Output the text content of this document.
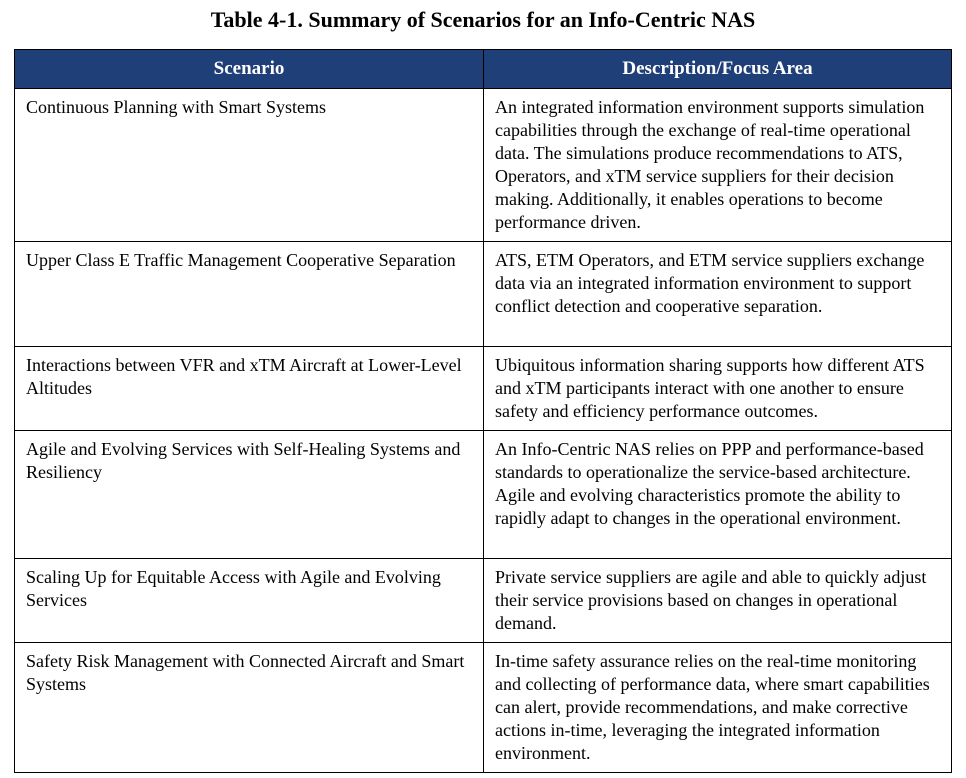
Table 4-1. Summary of Scenarios for an Info-Centric NAS
Scenario	Description/Focus Area
Continuous Planning with Smart Systems	An integrated information environment supports simulation capabilities through the exchange of real-time operational data. The simulations produce recommendations to ATS, Operators, and xTM service suppliers for their decision making. Additionally, it enables operations to become performance driven.
Upper Class E Traffic Management Cooperative Separation	ATS, ETM Operators, and ETM service suppliers exchange data via an integrated information environment to support conflict detection and cooperative separation.
Interactions between VFR and xTM Aircraft at Lower-Level Altitudes	Ubiquitous information sharing supports how different ATS and xTM participants interact with one another to ensure safety and efficiency performance outcomes.
Agile and Evolving Services with Self-Healing Systems and Resiliency	An Info-Centric NAS relies on PPP and performance-based standards to operationalize the service-based architecture. Agile and evolving characteristics promote the ability to rapidly adapt to changes in the operational environment.
Scaling Up for Equitable Access with Agile and Evolving Services	Private service suppliers are agile and able to quickly adjust their service provisions based on changes in operational demand.
Safety Risk Management with Connected Aircraft and Smart Systems	In-time safety assurance relies on the real-time monitoring and collecting of performance data, where smart capabilities can alert, provide recommendations, and make corrective actions in-time, leveraging the integrated information environment.
